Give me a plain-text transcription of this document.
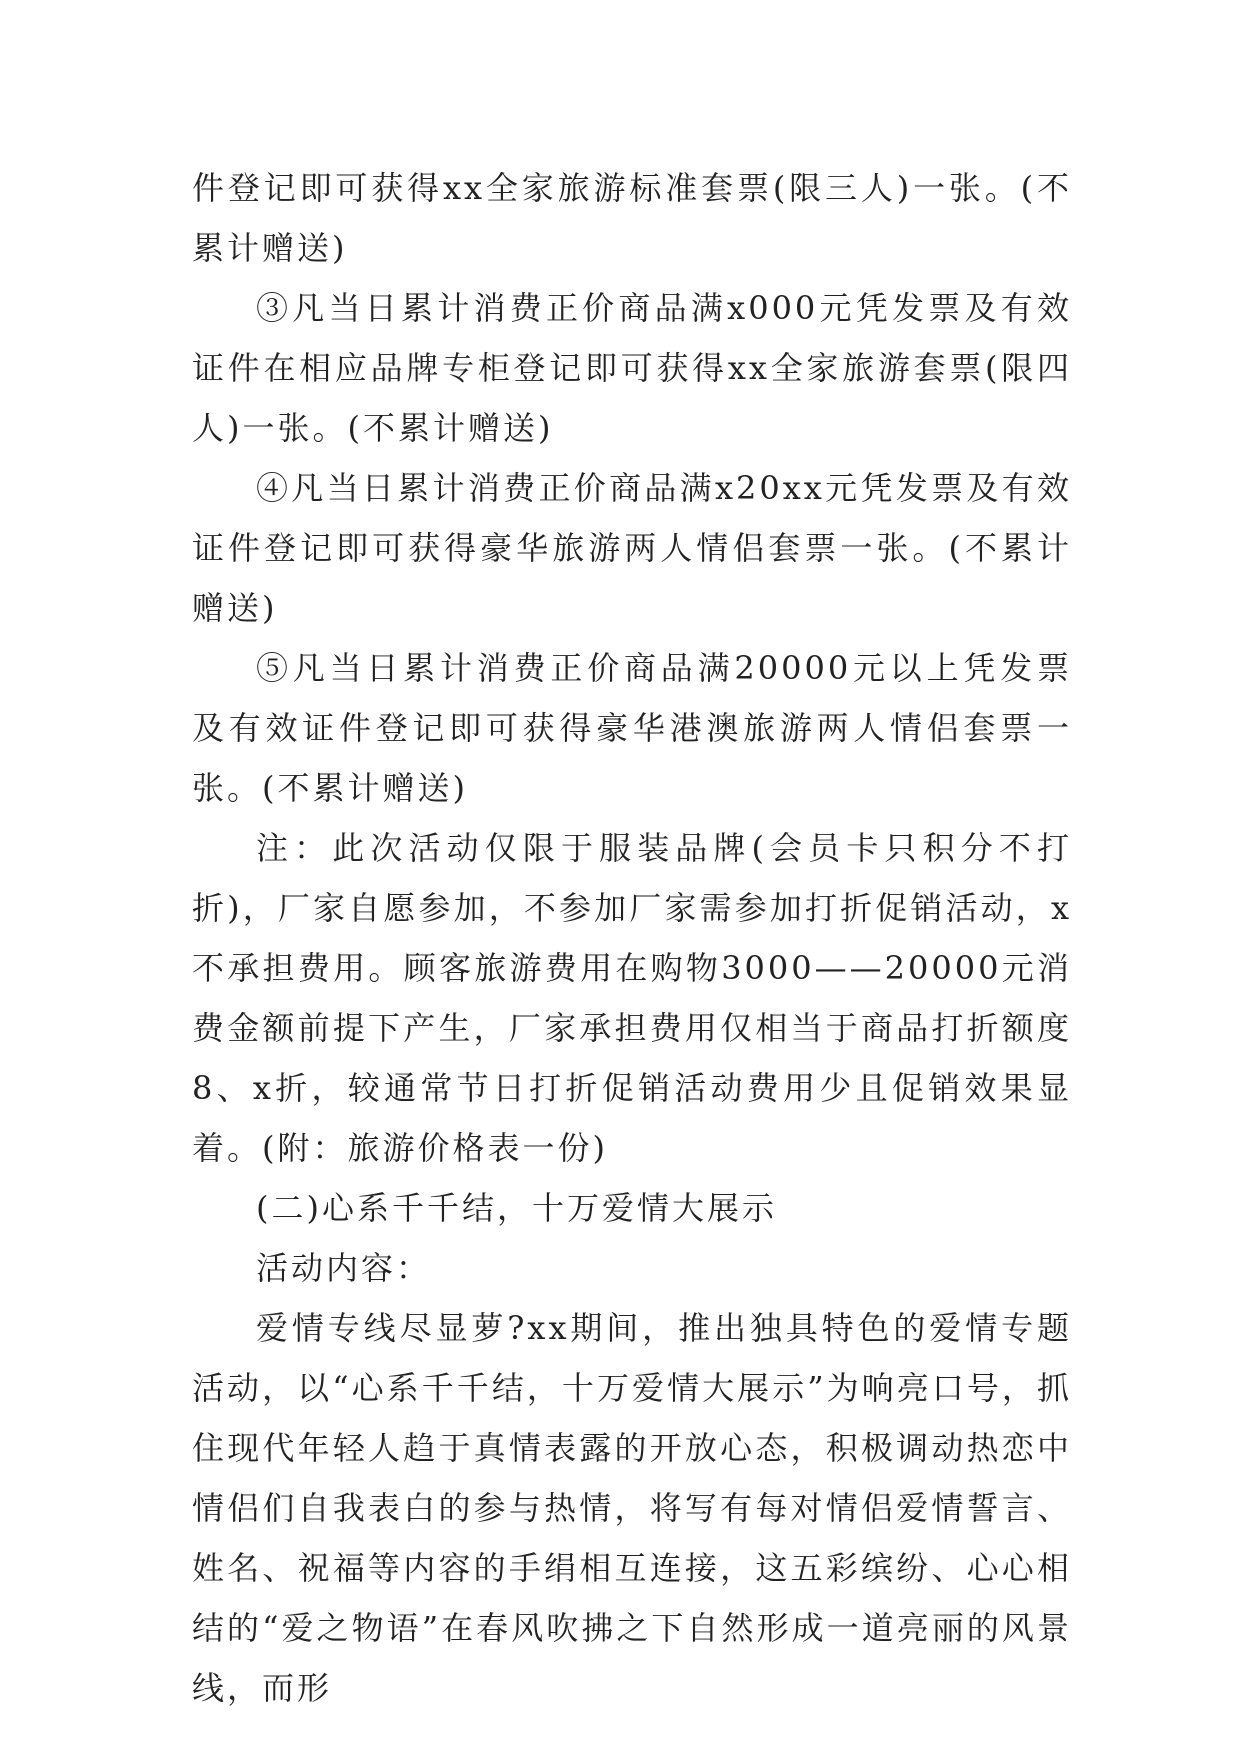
件登记即可获得xx全家旅游标准套票(限三人)一张。(不累计赠送)

③凡当日累计消费正价商品满x000元凭发票及有效证件在相应品牌专柜登记即可获得xx全家旅游套票(限四人)一张。(不累计赠送)

④凡当日累计消费正价商品满x20xx元凭发票及有效证件登记即可获得豪华旅游两人情侣套票一张。(不累计赠送)

⑤凡当日累计消费正价商品满20000元以上凭发票及有效证件登记即可获得豪华港澳旅游两人情侣套票一张。(不累计赠送)

注：此次活动仅限于服装品牌(会员卡只积分不打折)，厂家自愿参加，不参加厂家需参加打折促销活动，x不承担费用。顾客旅游费用在购物3000——20000元消费金额前提下产生，厂家承担费用仅相当于商品打折额度8、x折，较通常节日打折促销活动费用少且促销效果显着。(附：旅游价格表一份)

(二)心系千千结，十万爱情大展示

活动内容：

爱情专线尽显萝?xx期间，推出独具特色的爱情专题活动，以“心系千千结，十万爱情大展示”为响亮口号，抓住现代年轻人趋于真情表露的开放心态，积极调动热恋中情侣们自我表白的参与热情，将写有每对情侣爱情誓言、姓名、祝福等内容的手绢相互连接，这五彩缤纷、心心相结的“爱之物语”在春风吹拂之下自然形成一道亮丽的风景线，而形
